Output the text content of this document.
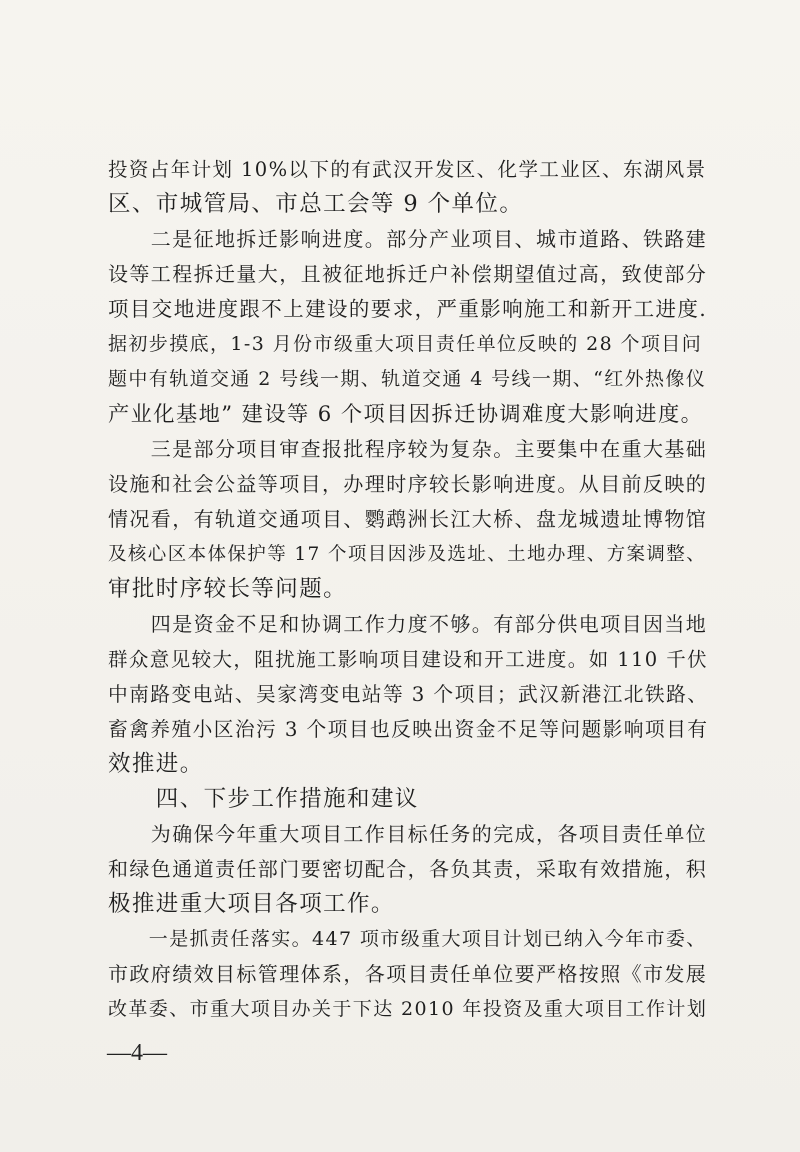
投资占年计划 10%以下的有武汉开发区、化学工业区、东湖风景
区、市城管局、市总工会等 9 个单位。
　　二是征地拆迁影响进度。部分产业项目、城市道路、铁路建
设等工程拆迁量大，且被征地拆迁户补偿期望值过高，致使部分
项目交地进度跟不上建设的要求，严重影响施工和新开工进度.
据初步摸底，1-3 月份市级重大项目责任单位反映的 28 个项目问
题中有轨道交通 2 号线一期、轨道交通 4 号线一期、“红外热像仪
产业化基地” 建设等 6 个项目因拆迁协调难度大影响进度。
　　三是部分项目审查报批程序较为复杂。主要集中在重大基础
设施和社会公益等项目，办理时序较长影响进度。从目前反映的
情况看，有轨道交通项目、鹦鹉洲长江大桥、盘龙城遗址博物馆
及核心区本体保护等 17 个项目因涉及选址、土地办理、方案调整、
审批时序较长等问题。
　　四是资金不足和协调工作力度不够。有部分供电项目因当地
群众意见较大，阻扰施工影响项目建设和开工进度。如 110 千伏
中南路变电站、吴家湾变电站等 3 个项目；武汉新港江北铁路、
畜禽养殖小区治污 3 个项目也反映出资金不足等问题影响项目有
效推进。
　　四、下步工作措施和建议
　　为确保今年重大项目工作目标任务的完成，各项目责任单位
和绿色通道责任部门要密切配合，各负其责，采取有效措施，积
极推进重大项目各项工作。
　　一是抓责任落实。447 项市级重大项目计划已纳入今年市委、
市政府绩效目标管理体系，各项目责任单位要严格按照《市发展
改革委、市重大项目办关于下达 2010 年投资及重大项目工作计划
—4—
